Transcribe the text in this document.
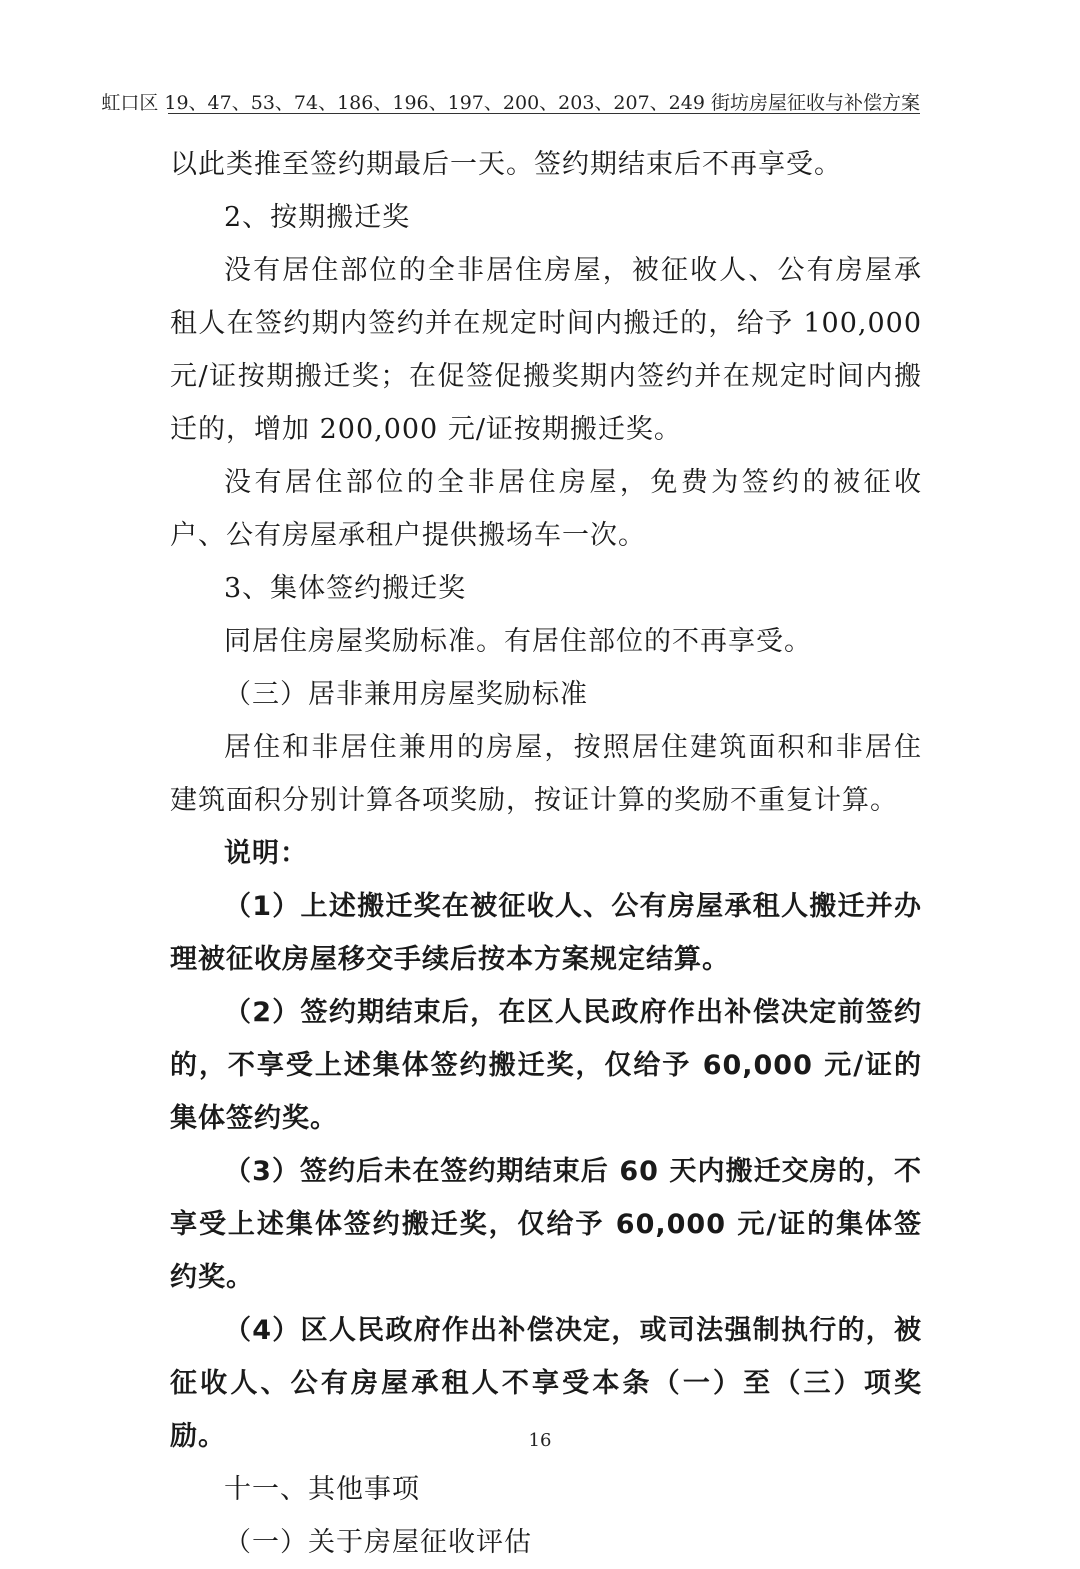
虹口区 19、47、53、74、186、196、197、200、203、207、249 街坊房屋征收与补偿方案

以此类推至签约期最后一天。签约期结束后不再享受。

2、按期搬迁奖

没有居住部位的全非居住房屋，被征收人、公有房屋承租人在签约期内签约并在规定时间内搬迁的，给予 100,000 元/证按期搬迁奖；在促签促搬奖期内签约并在规定时间内搬迁的，增加 200,000 元/证按期搬迁奖。

没有居住部位的全非居住房屋，免费为签约的被征收户、公有房屋承租户提供搬场车一次。

3、集体签约搬迁奖

同居住房屋奖励标准。有居住部位的不再享受。

（三）居非兼用房屋奖励标准

居住和非居住兼用的房屋，按照居住建筑面积和非居住建筑面积分别计算各项奖励，按证计算的奖励不重复计算。

说明：

（1）上述搬迁奖在被征收人、公有房屋承租人搬迁并办理被征收房屋移交手续后按本方案规定结算。

（2）签约期结束后，在区人民政府作出补偿决定前签约的，不享受上述集体签约搬迁奖，仅给予 60,000 元/证的集体签约奖。

（3）签约后未在签约期结束后 60 天内搬迁交房的，不享受上述集体签约搬迁奖，仅给予 60,000 元/证的集体签约奖。

（4）区人民政府作出补偿决定，或司法强制执行的，被征收人、公有房屋承租人不享受本条（一）至（三）项奖励。

十一、其他事项

（一）关于房屋征收评估

16
